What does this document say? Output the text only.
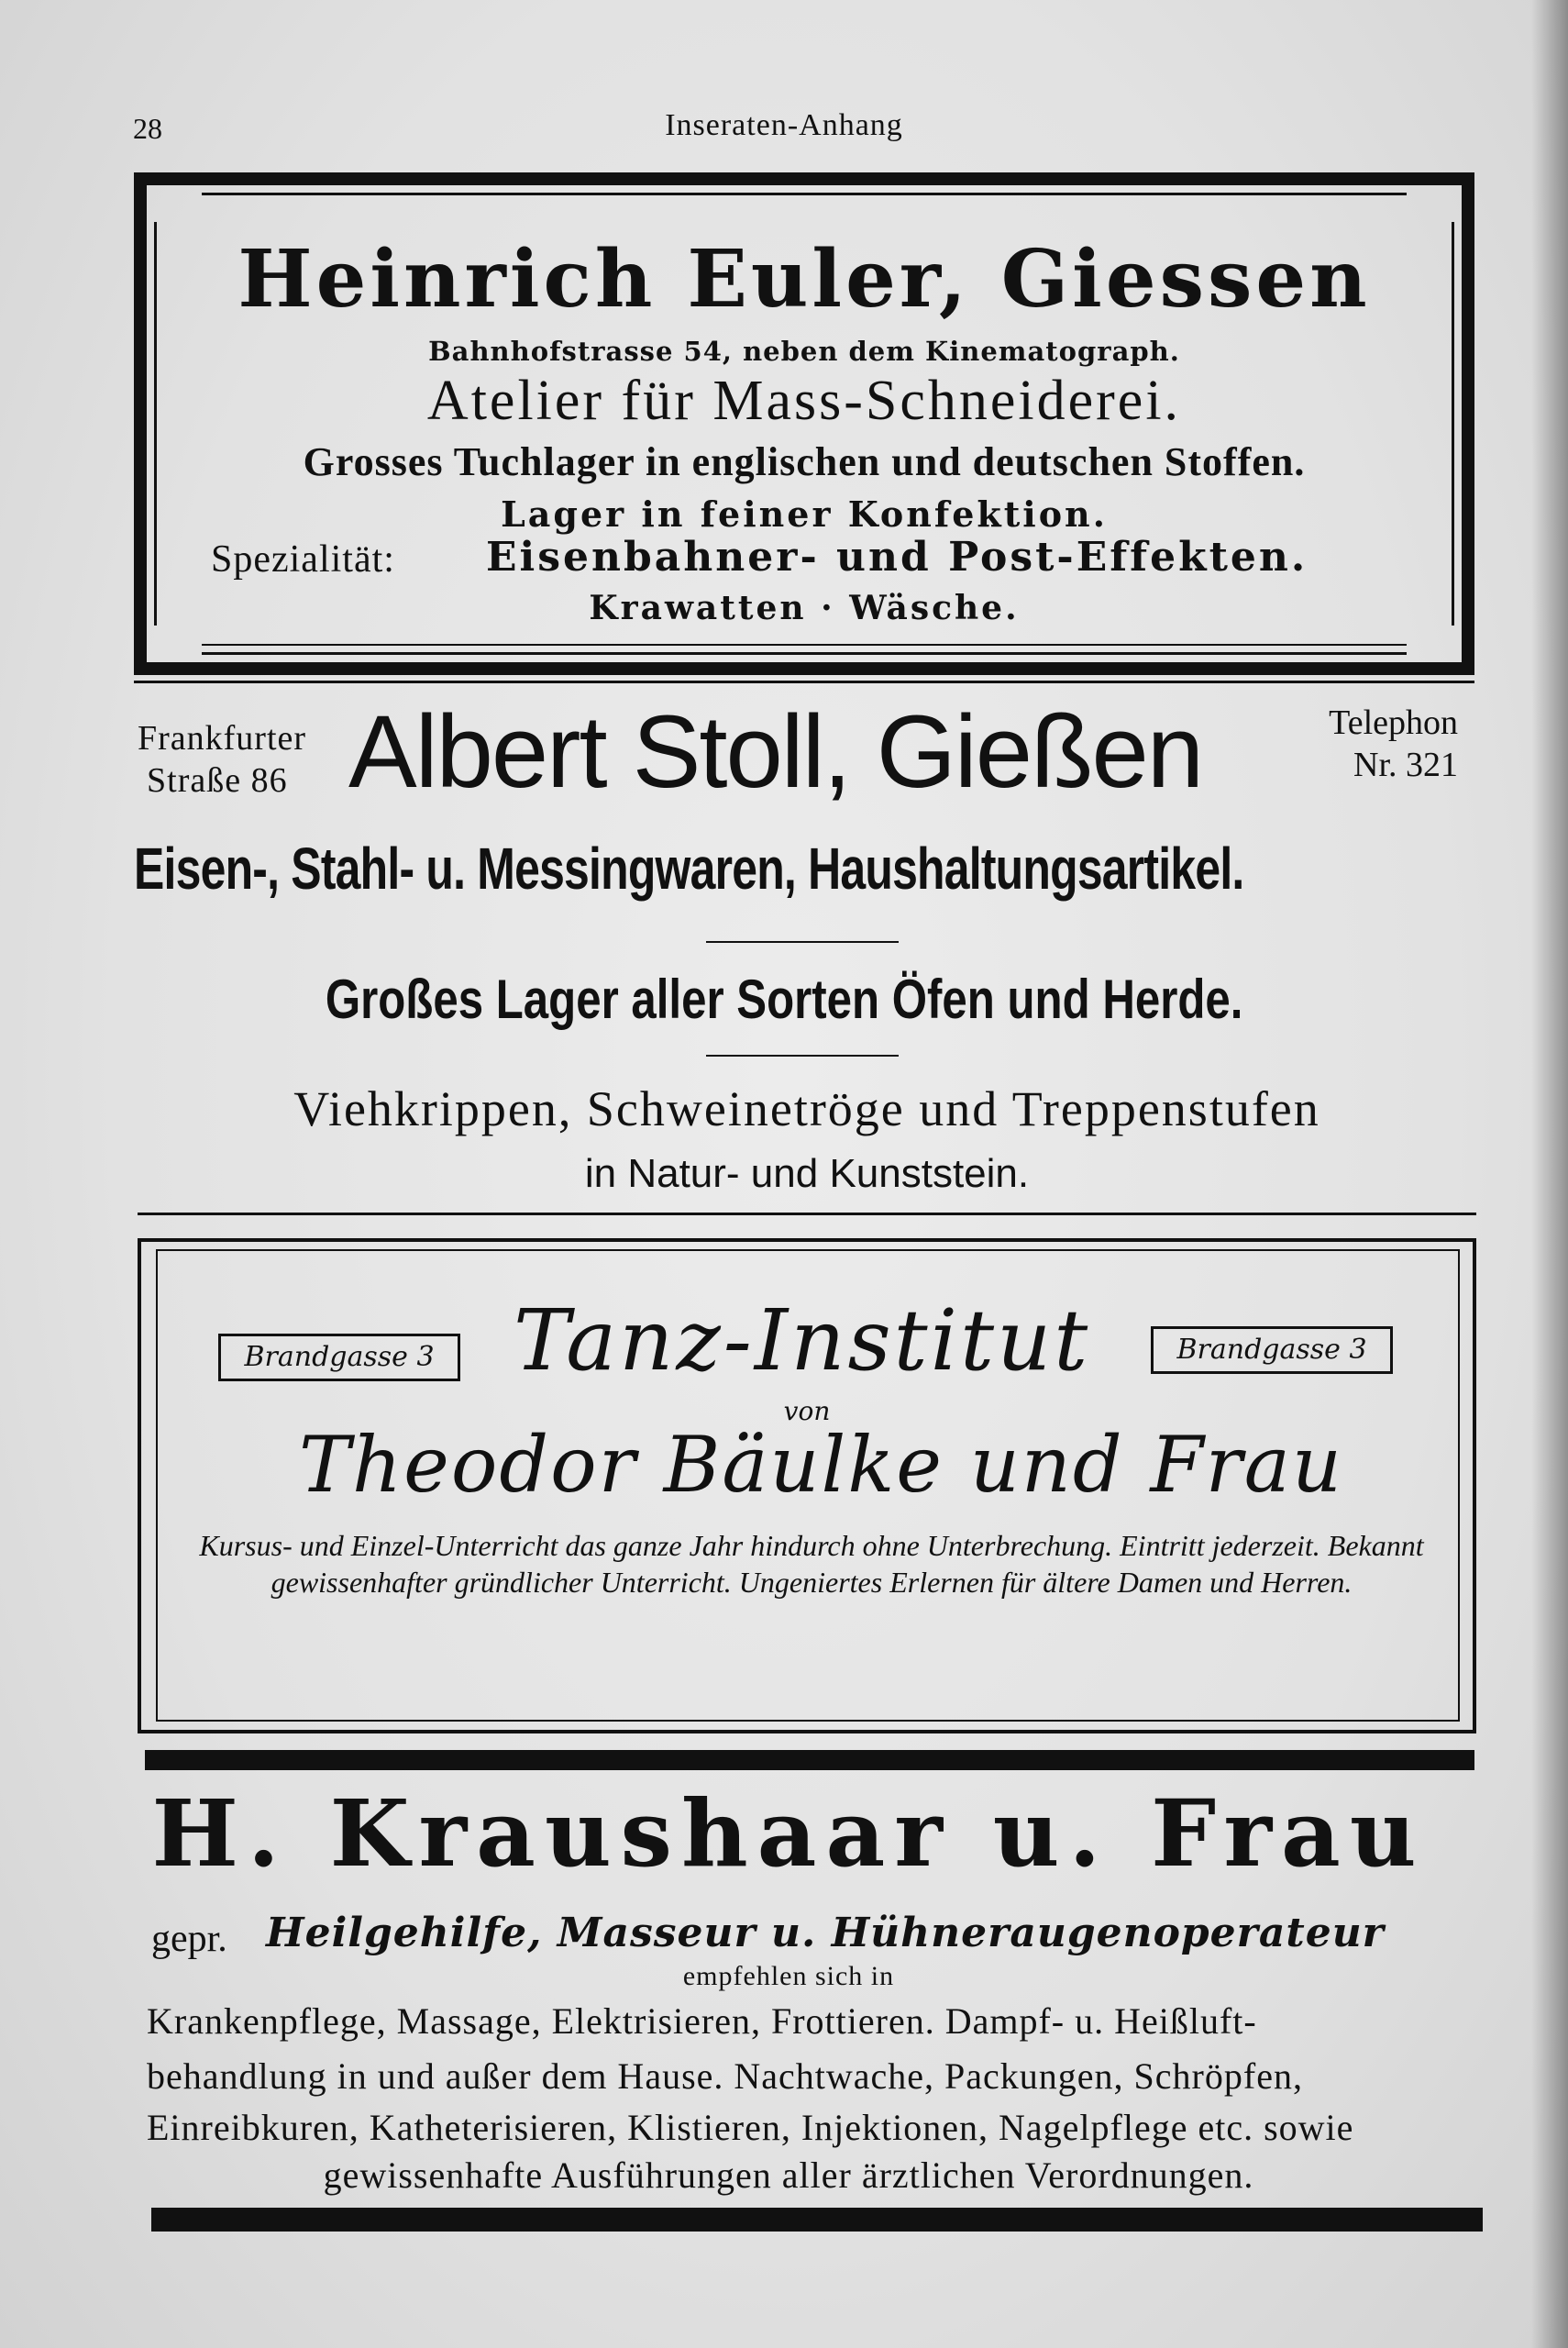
28	Inseraten-Anhang
Heinrich Euler, Giessen
Bahnhofstrasse 54, neben dem Kinematograph.
Atelier für Mass-Schneiderei.
Grosses Tuchlager in englischen und deutschen Stoffen.
Lager in feiner Konfektion.
Spezialität: Eisenbahner- und Post-Effekten.
Krawatten · Wäsche.
Frankfurter
Straße 86 Albert Stoll, Gießen	Telephon
Nr. 321
Eisen-, Stahl- u. Messingwaren, Haushaltungsartikel.
Großes Lager aller Sorten Öfen und Herde.
Viehkrippen, Schweinetröge und Treppenstufen
in Natur- und Kunststein.
Brandgasse 3	Brandgasse 3
Tanz-Institut
von
Theodor Bäulke und Frau
Kursus- und Einzel-Unterricht das ganze Jahr hindurch ohne Unterbrechung. Eintritt jederzeit. Bekannt gewissenhafter gründlicher Unterricht. Ungeniertes Erlernen für ältere Damen und Herren.
H. Kraushaar u. Frau
gepr. Heilgehilfe, Masseur u. Hühneraugenoperateur
empfehlen sich in
Krankenpflege, Massage, Elektrisieren, Frottieren. Dampf- u. Heißluft-
behandlung in und außer dem Hause. Nachtwache, Packungen, Schröpfen,
Einreibkuren, Katheterisieren, Klistieren, Injektionen, Nagelpflege etc. sowie
gewissenhafte Ausführungen aller ärztlichen Verordnungen.
